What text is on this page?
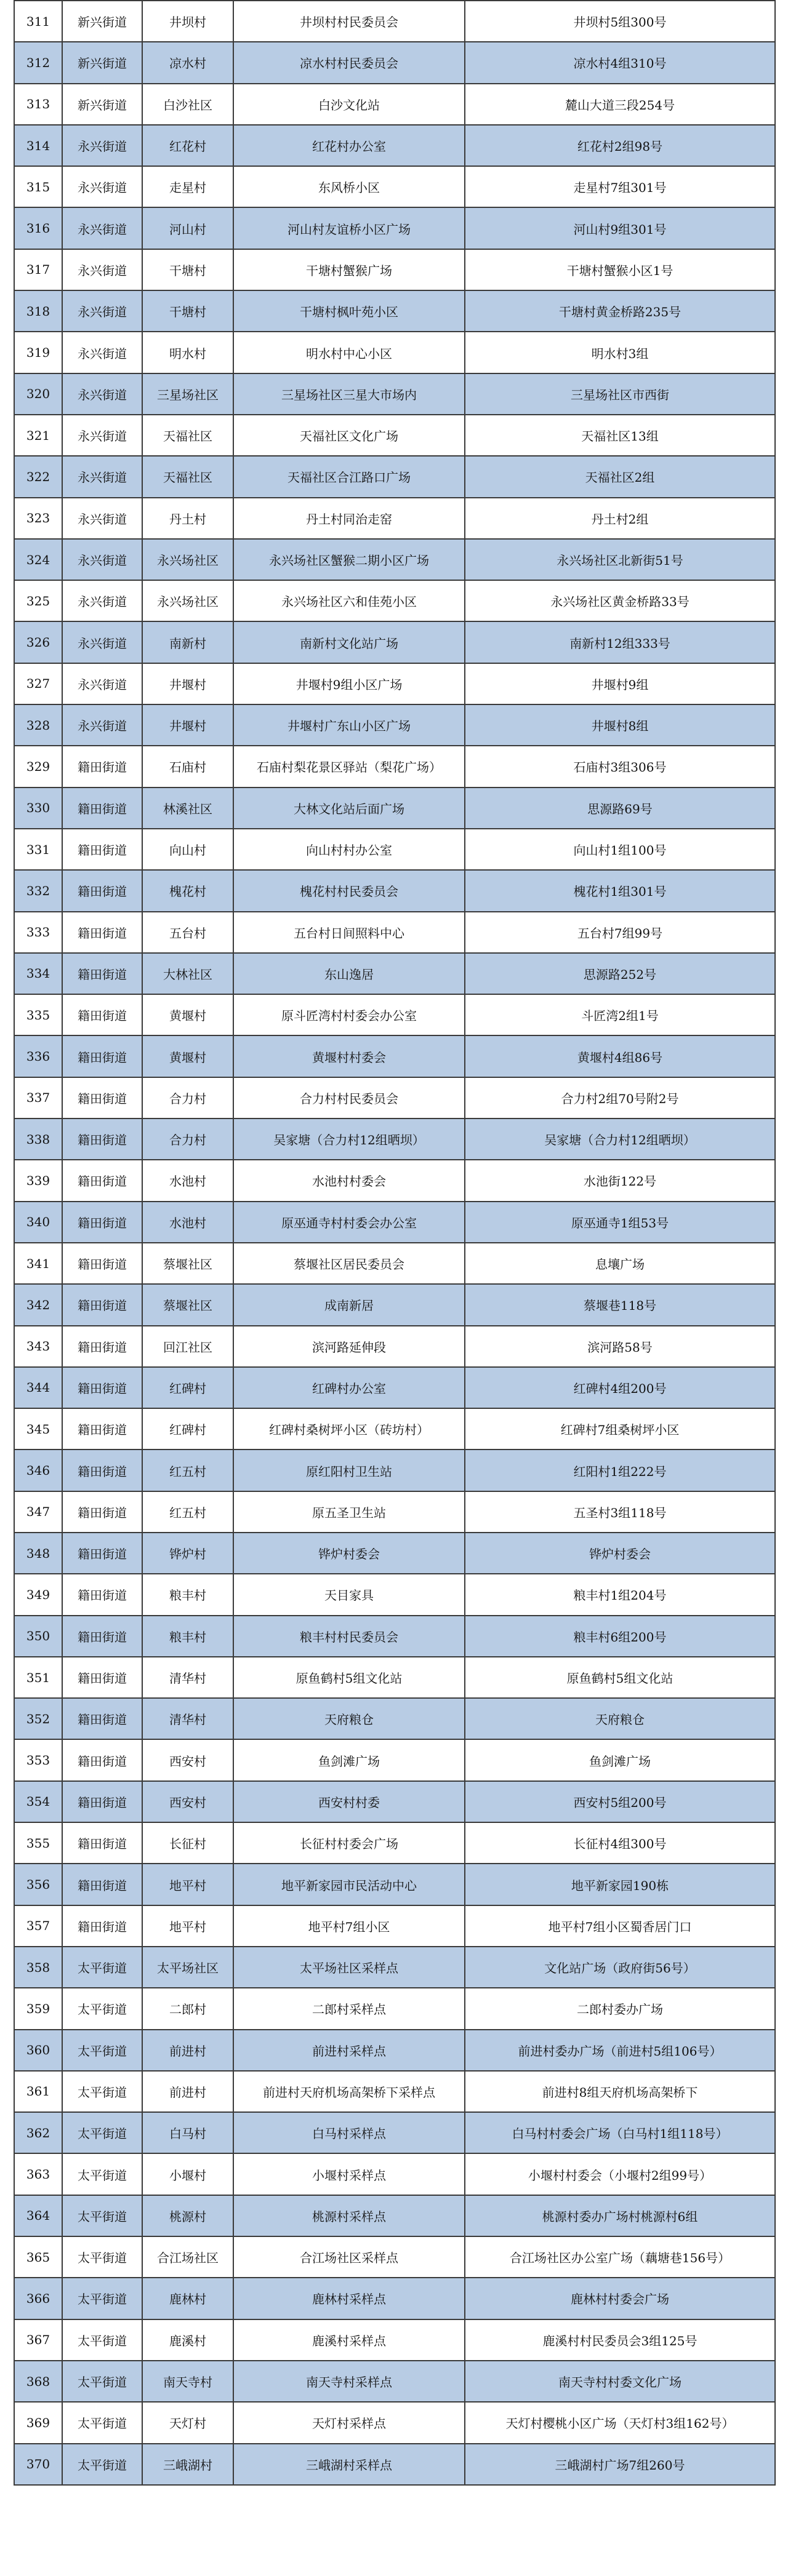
311	新兴街道	井坝村	井坝村村民委员会	井坝村5组300号
312	新兴街道	凉水村	凉水村村民委员会	凉水村4组310号
313	新兴街道	白沙社区	白沙文化站	麓山大道三段254号
314	永兴街道	红花村	红花村办公室	红花村2组98号
315	永兴街道	走星村	东风桥小区	走星村7组301号
316	永兴街道	河山村	河山村友谊桥小区广场	河山村9组301号
317	永兴街道	干塘村	干塘村蟹猴广场	干塘村蟹猴小区1号
318	永兴街道	干塘村	干塘村枫叶苑小区	干塘村黄金桥路235号
319	永兴街道	明水村	明水村中心小区	明水村3组
320	永兴街道	三星场社区	三星场社区三星大市场内	三星场社区市西街
321	永兴街道	天福社区	天福社区文化广场	天福社区13组
322	永兴街道	天福社区	天福社区合江路口广场	天福社区2组
323	永兴街道	丹土村	丹土村同治走窑	丹土村2组
324	永兴街道	永兴场社区	永兴场社区蟹猴二期小区广场	永兴场社区北新街51号
325	永兴街道	永兴场社区	永兴场社区六和佳苑小区	永兴场社区黄金桥路33号
326	永兴街道	南新村	南新村文化站广场	南新村12组333号
327	永兴街道	井堰村	井堰村9组小区广场	井堰村9组
328	永兴街道	井堰村	井堰村广东山小区广场	井堰村8组
329	籍田街道	石庙村	石庙村梨花景区驿站（梨花广场）	石庙村3组306号
330	籍田街道	林溪社区	大林文化站后面广场	思源路69号
331	籍田街道	向山村	向山村村办公室	向山村1组100号
332	籍田街道	槐花村	槐花村村民委员会	槐花村1组301号
333	籍田街道	五台村	五台村日间照料中心	五台村7组99号
334	籍田街道	大林社区	东山逸居	思源路252号
335	籍田街道	黄堰村	原斗匠湾村村委会办公室	斗匠湾2组1号
336	籍田街道	黄堰村	黄堰村村委会	黄堰村4组86号
337	籍田街道	合力村	合力村村民委员会	合力村2组70号附2号
338	籍田街道	合力村	吴家塘（合力村12组晒坝）	吴家塘（合力村12组晒坝）
339	籍田街道	水池村	水池村村委会	水池街122号
340	籍田街道	水池村	原巫通寺村村委会办公室	原巫通寺1组53号
341	籍田街道	蔡堰社区	蔡堰社区居民委员会	息壤广场
342	籍田街道	蔡堰社区	成南新居	蔡堰巷118号
343	籍田街道	回江社区	滨河路延伸段	滨河路58号
344	籍田街道	红碑村	红碑村办公室	红碑村4组200号
345	籍田街道	红碑村	红碑村桑树坪小区（砖坊村）	红碑村7组桑树坪小区
346	籍田街道	红五村	原红阳村卫生站	红阳村1组222号
347	籍田街道	红五村	原五圣卫生站	五圣村3组118号
348	籍田街道	铧炉村	铧炉村委会	铧炉村委会
349	籍田街道	粮丰村	天目家具	粮丰村1组204号
350	籍田街道	粮丰村	粮丰村村民委员会	粮丰村6组200号
351	籍田街道	清华村	原鱼鹤村5组文化站	原鱼鹤村5组文化站
352	籍田街道	清华村	天府粮仓	天府粮仓
353	籍田街道	西安村	鱼剑滩广场	鱼剑滩广场
354	籍田街道	西安村	西安村村委	西安村5组200号
355	籍田街道	长征村	长征村村委会广场	长征村4组300号
356	籍田街道	地平村	地平新家园市民活动中心	地平新家园190栋
357	籍田街道	地平村	地平村7组小区	地平村7组小区蜀香居门口
358	太平街道	太平场社区	太平场社区采样点	文化站广场（政府街56号）
359	太平街道	二郎村	二郎村采样点	二郎村委办广场
360	太平街道	前进村	前进村采样点	前进村委办广场（前进村5组106号）
361	太平街道	前进村	前进村天府机场高架桥下采样点	前进村8组天府机场高架桥下
362	太平街道	白马村	白马村采样点	白马村村委会广场（白马村1组118号）
363	太平街道	小堰村	小堰村采样点	小堰村村委会（小堰村2组99号）
364	太平街道	桃源村	桃源村采样点	桃源村委办广场村桃源村6组
365	太平街道	合江场社区	合江场社区采样点	合江场社区办公室广场（藕塘巷156号）
366	太平街道	鹿林村	鹿林村采样点	鹿林村村委会广场
367	太平街道	鹿溪村	鹿溪村采样点	鹿溪村村民委员会3组125号
368	太平街道	南天寺村	南天寺村采样点	南天寺村村委文化广场
369	太平街道	天灯村	天灯村采样点	天灯村樱桃小区广场（天灯村3组162号）
370	太平街道	三峨湖村	三峨湖村采样点	三峨湖村广场7组260号
